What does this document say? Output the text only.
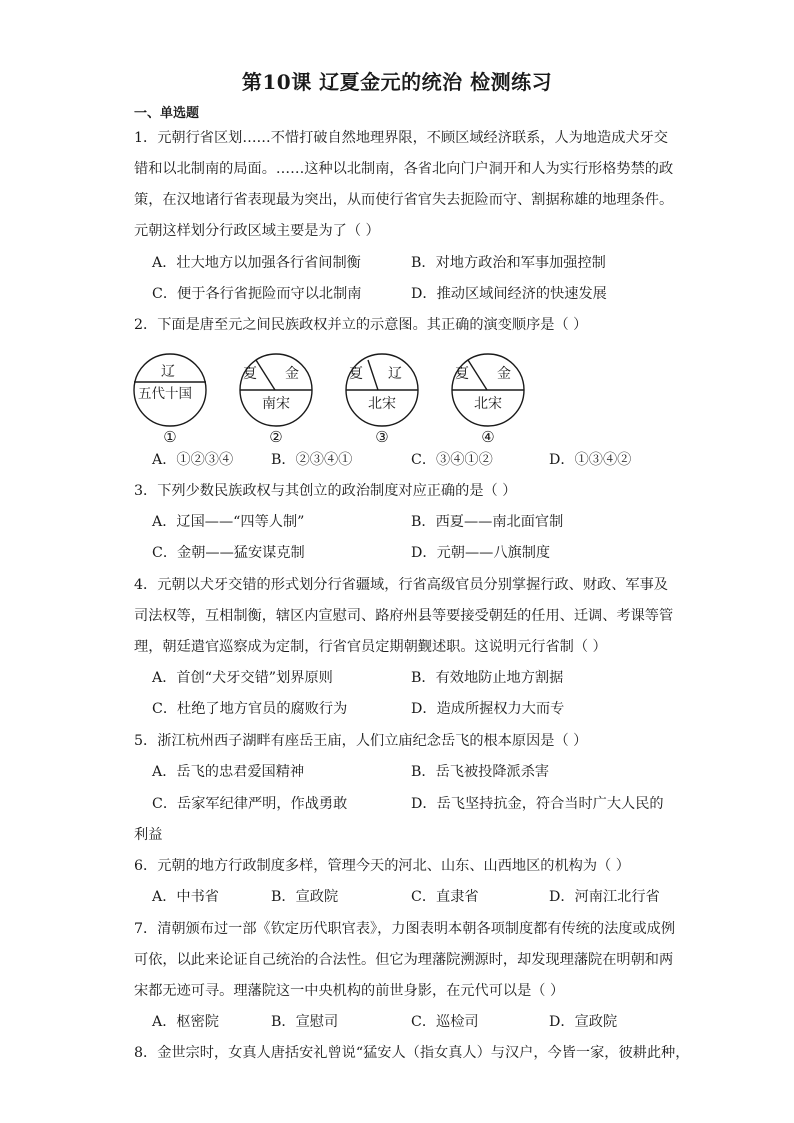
第10课 辽夏金元的统治 检测练习
一、单选题
1．元朝行省区划……不惜打破自然地理界限，不顾区域经济联系，人为地造成犬牙交
错和以北制南的局面。……这种以北制南，各省北向门户洞开和人为实行形格势禁的政
策，在汉地诸行省表现最为突出，从而使行省官失去扼险而守、割据称雄的地理条件。
元朝这样划分行政区域主要是为了（ ）
A．壮大地方以加强各行省间制衡	B．对地方政治和军事加强控制
C．便于各行省扼险而守以北制南	D．推动区域间经济的快速发展
2．下面是唐至元之间民族政权并立的示意图。其正确的演变顺序是（ ）
辽
五代十国
①
夏 金
南宋
②
夏 辽
北宋
③
夏 金
北宋
④
A．①②③④	B．②③④①	C．③④①②	D．①③④②
3．下列少数民族政权与其创立的政治制度对应正确的是（ ）
A．辽国——“四等人制”	B．西夏——南北面官制
C．金朝——猛安谋克制	D．元朝——八旗制度
4．元朝以犬牙交错的形式划分行省疆域，行省高级官员分别掌握行政、财政、军事及
司法权等，互相制衡，辖区内宣慰司、路府州县等要接受朝廷的任用、迁调、考课等管
理，朝廷遣官巡察成为定制，行省官员定期朝觐述职。这说明元行省制（ ）
A．首创“犬牙交错”划界原则	B．有效地防止地方割据
C．杜绝了地方官员的腐败行为	D．造成所握权力大而专
5．浙江杭州西子湖畔有座岳王庙，人们立庙纪念岳飞的根本原因是（ ）
A．岳飞的忠君爱国精神	B．岳飞被投降派杀害
C．岳家军纪律严明，作战勇敢	D．岳飞坚持抗金，符合当时广大人民的
利益
6．元朝的地方行政制度多样，管理今天的河北、山东、山西地区的机构为（ ）
A．中书省	B．宣政院	C．直隶省	D．河南江北行省
7．清朝颁布过一部《钦定历代职官表》，力图表明本朝各项制度都有传统的法度或成例
可依，以此来论证自己统治的合法性。但它为理藩院溯源时，却发现理藩院在明朝和两
宋都无迹可寻。理藩院这一中央机构的前世身影，在元代可以是（ ）
A．枢密院	B．宣慰司	C．巡检司	D．宣政院
8．金世宗时，女真人唐括安礼曾说“猛安人（指女真人）与汉户，今皆一家，彼耕此种，
